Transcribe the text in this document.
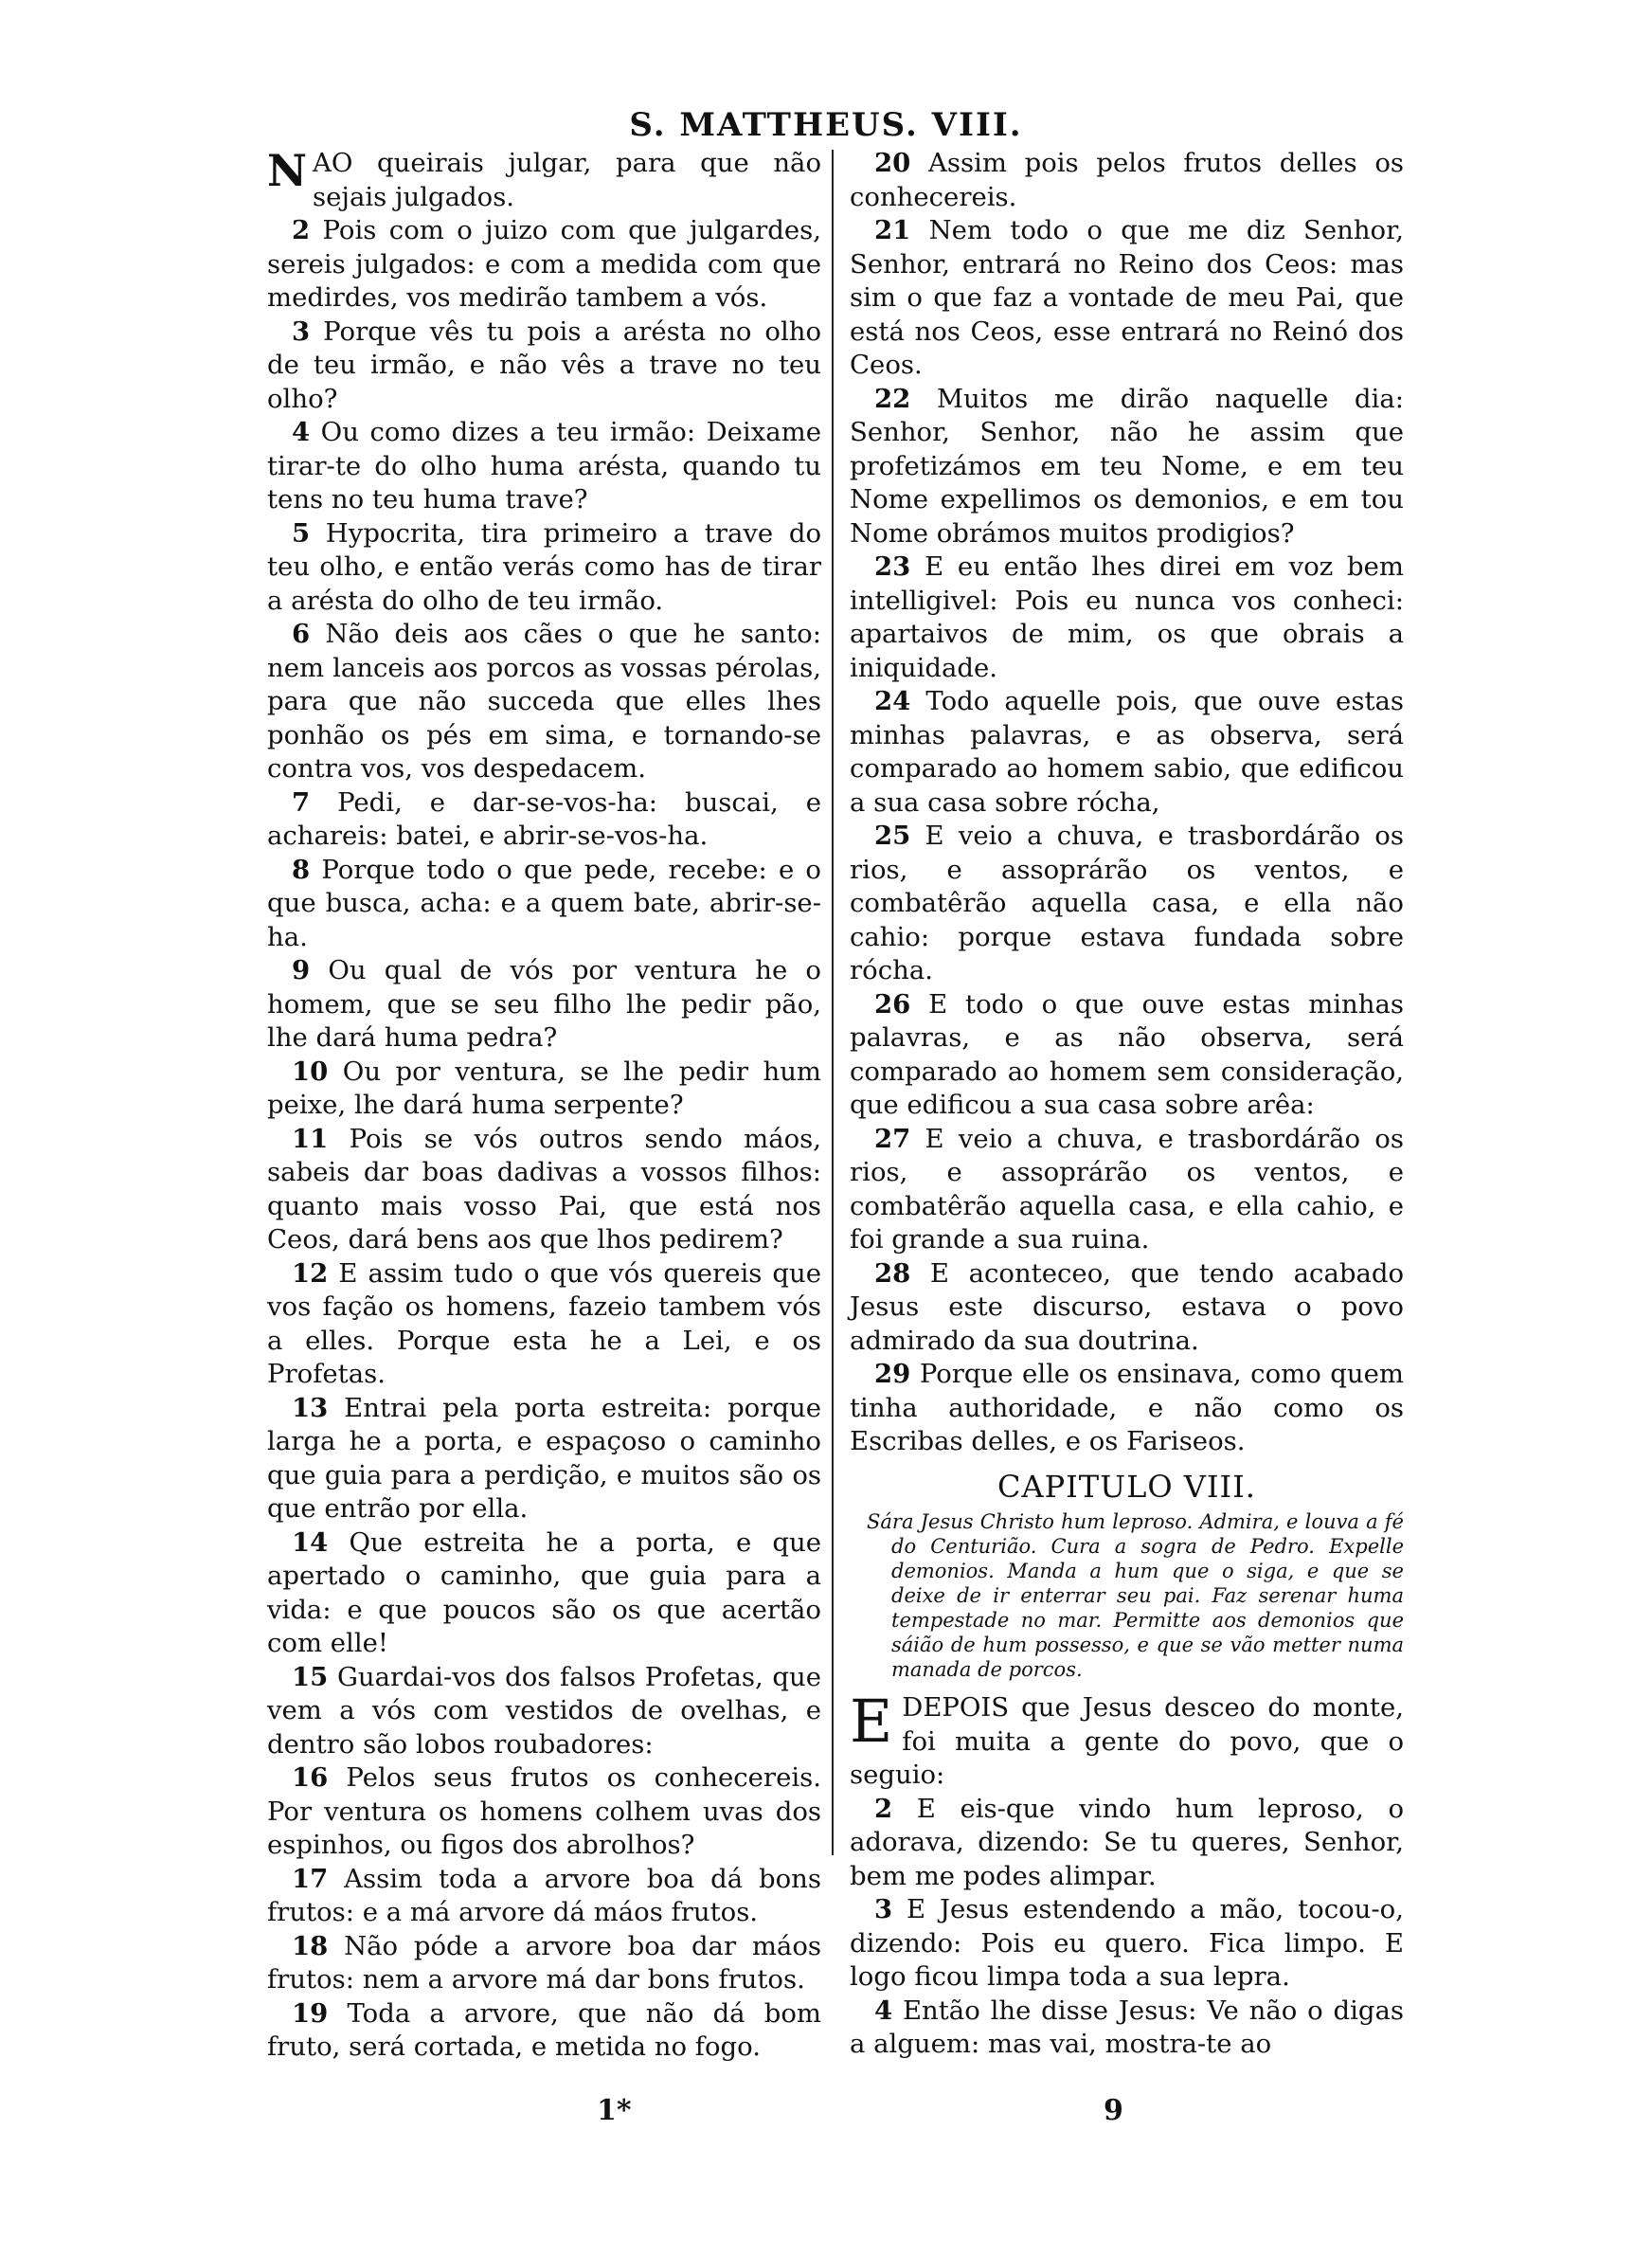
S. MATTHEUS. VIII.

NAO queirais julgar, para que não sejais julgados.

2 Pois com o juizo com que julgardes, sereis julgados: e com a medida com que medirdes, vos medirão tambem a vós.

3 Porque vês tu pois a arésta no olho de teu irmão, e não vês a trave no teu olho?

4 Ou como dizes a teu irmão: Deixame tirar-te do olho huma arésta, quando tu tens no teu huma trave?

5 Hypocrita, tira primeiro a trave do teu olho, e então verás como has de tirar a arésta do olho de teu irmão.

6 Não deis aos cães o que he santo: nem lanceis aos porcos as vossas pérolas, para que não succeda que elles lhes ponhão os pés em sima, e tornando-se contra vos, vos despedacem.

7 Pedi, e dar-se-vos-ha: buscai, e achareis: batei, e abrir-se-vos-ha.

8 Porque todo o que pede, recebe: e o que busca, acha: e a quem bate, abrir-se-ha.

9 Ou qual de vós por ventura he o homem, que se seu filho lhe pedir pão, lhe dará huma pedra?

10 Ou por ventura, se lhe pedir hum peixe, lhe dará huma serpente?

11 Pois se vós outros sendo máos, sabeis dar boas dadivas a vossos filhos: quanto mais vosso Pai, que está nos Ceos, dará bens aos que lhos pedirem?

12 E assim tudo o que vós quereis que vos fação os homens, fazeio tambem vós a elles. Porque esta he a Lei, e os Profetas.

13 Entrai pela porta estreita: porque larga he a porta, e espaçoso o caminho que guia para a perdição, e muitos são os que entrão por ella.

14 Que estreita he a porta, e que apertado o caminho, que guia para a vida: e que poucos são os que acertão com elle!

15 Guardai-vos dos falsos Profetas, que vem a vós com vestidos de ovelhas, e dentro são lobos roubadores:

16 Pelos seus frutos os conhecereis. Por ventura os homens colhem uvas dos espinhos, ou figos dos abrolhos?

17 Assim toda a arvore boa dá bons frutos: e a má arvore dá máos frutos.

18 Não póde a arvore boa dar máos frutos: nem a arvore má dar bons frutos.

19 Toda a arvore, que não dá bom fruto, será cortada, e metida no fogo.

20 Assim pois pelos frutos delles os conhecereis.

21 Nem todo o que me diz Senhor, Senhor, entrará no Reino dos Ceos: mas sim o que faz a vontade de meu Pai, que está nos Ceos, esse entrará no Reinó dos Ceos.

22 Muitos me dirão naquelle dia: Senhor, Senhor, não he assim que profetizámos em teu Nome, e em teu Nome expellimos os demonios, e em tou Nome obrámos muitos prodigios?

23 E eu então lhes direi em voz bem intelligivel: Pois eu nunca vos conheci: apartaivos de mim, os que obrais a iniquidade.

24 Todo aquelle pois, que ouve estas minhas palavras, e as observa, será comparado ao homem sabio, que edificou a sua casa sobre rócha,

25 E veio a chuva, e trasbordárão os rios, e assoprárão os ventos, e combatêrão aquella casa, e ella não cahio: porque estava fundada sobre rócha.

26 E todo o que ouve estas minhas palavras, e as não observa, será comparado ao homem sem consideração, que edificou a sua casa sobre arêa:

27 E veio a chuva, e trasbordárão os rios, e assoprárão os ventos, e combatêrão aquella casa, e ella cahio, e foi grande a sua ruina.

28 E aconteceo, que tendo acabado Jesus este discurso, estava o povo admirado da sua doutrina.

29 Porque elle os ensinava, como quem tinha authoridade, e não como os Escribas delles, e os Fariseos.

CAPITULO VIII.

Sára Jesus Christo hum leproso. Admira, e louva a fé do Centurião. Cura a sogra de Pedro. Expelle demonios. Manda a hum que o siga, e que se deixe de ir enterrar seu pai. Faz serenar huma tempestade no mar. Permitte aos demonios que sáião de hum possesso, e que se vão metter numa manada de porcos.

EDEPOIS que Jesus desceo do monte, foi muita a gente do povo, que o seguio:

2 E eis-que vindo hum leproso, o adorava, dizendo: Se tu queres, Senhor, bem me podes alimpar.

3 E Jesus estendendo a mão, tocou-o, dizendo: Pois eu quero. Fica limpo. E logo ficou limpa toda a sua lepra.

4 Então lhe disse Jesus: Ve não o digas a alguem: mas vai, mostra-te ao

1*	9
